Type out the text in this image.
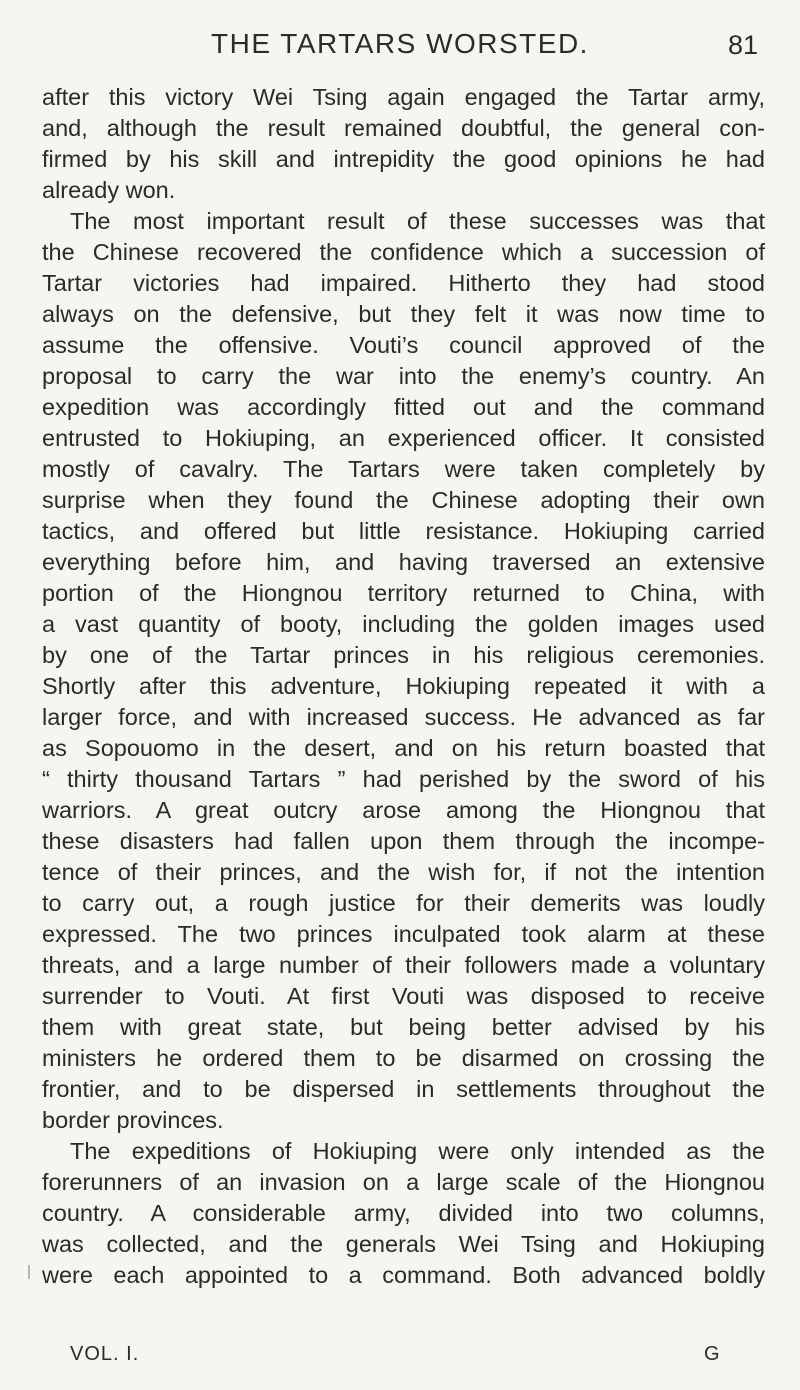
THE TARTARS WORSTED.	81
after this victory Wei Tsing again engaged the Tartar army,
and, although the result remained doubtful, the general con-
firmed by his skill and intrepidity the good opinions he had
already won.
The most important result of these successes was that
the Chinese recovered the confidence which a succession of
Tartar victories had impaired. Hitherto they had stood
always on the defensive, but they felt it was now time to
assume the offensive. Vouti’s council approved of the
proposal to carry the war into the enemy’s country. An
expedition was accordingly fitted out and the command
entrusted to Hokiuping, an experienced officer. It consisted
mostly of cavalry. The Tartars were taken completely by
surprise when they found the Chinese adopting their own
tactics, and offered but little resistance. Hokiuping carried
everything before him, and having traversed an extensive
portion of the Hiongnou territory returned to China, with
a vast quantity of booty, including the golden images used
by one of the Tartar princes in his religious ceremonies.
Shortly after this adventure, Hokiuping repeated it with a
larger force, and with increased success. He advanced as far
as Sopouomo in the desert, and on his return boasted that
“ thirty thousand Tartars ” had perished by the sword of his
warriors. A great outcry arose among the Hiongnou that
these disasters had fallen upon them through the incompe-
tence of their princes, and the wish for, if not the intention
to carry out, a rough justice for their demerits was loudly
expressed. The two princes inculpated took alarm at these
threats, and a large number of their followers made a voluntary
surrender to Vouti. At first Vouti was disposed to receive
them with great state, but being better advised by his
ministers he ordered them to be disarmed on crossing the
frontier, and to be dispersed in settlements throughout the
border provinces.
The expeditions of Hokiuping were only intended as the
forerunners of an invasion on a large scale of the Hiongnou
country. A considerable army, divided into two columns,
was collected, and the generals Wei Tsing and Hokiuping
were each appointed to a command. Both advanced boldly
VOL. I.	G
